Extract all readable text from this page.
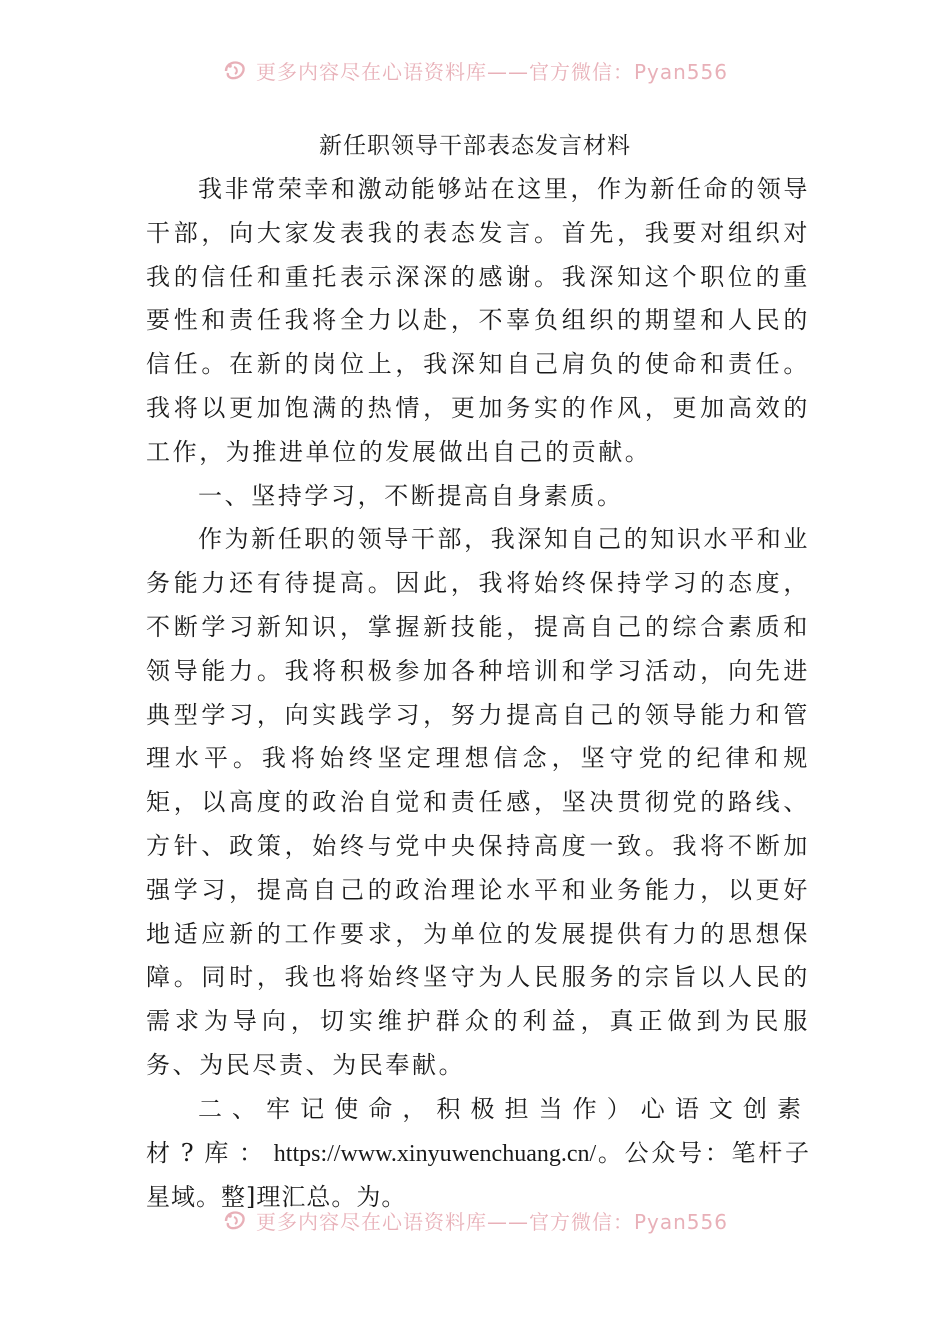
更多内容尽在心语资料库——官方微信：Pyan556
新任职领导干部表态发言材料

我非常荣幸和激动能够站在这里，作为新任命的领导干部，向大家发表我的表态发言。首先，我要对组织对我的信任和重托表示深深的感谢。我深知这个职位的重要性和责任我将全力以赴，不辜负组织的期望和人民的信任。在新的岗位上，我深知自己肩负的使命和责任。我将以更加饱满的热情，更加务实的作风，更加高效的工作，为推进单位的发展做出自己的贡献。

一、坚持学习，不断提高自身素质。

作为新任职的领导干部，我深知自己的知识水平和业务能力还有待提高。因此，我将始终保持学习的态度，不断学习新知识，掌握新技能，提高自己的综合素质和领导能力。我将积极参加各种培训和学习活动，向先进典型学习，向实践学习，努力提高自己的领导能力和管理水平。我将始终坚定理想信念，坚守党的纪律和规矩，以高度的政治自觉和责任感，坚决贯彻党的路线、方针、政策，始终与党中央保持高度一致。我将不断加强学习，提高自己的政治理论水平和业务能力，以更好地适应新的工作要求，为单位的发展提供有力的思想保障。同时，我也将始终坚守为人民服务的宗旨以人民的需求为导向，切实维护群众的利益，真正做到为民服务、为民尽责、为民奉献。

二、牢记使命，积极担当作）心语文创素材?库：https://www.xinyuwenchuang.cn/。公众号：笔杆子星域。整]理汇总。为。

更多内容尽在心语资料库——官方微信：Pyan556
